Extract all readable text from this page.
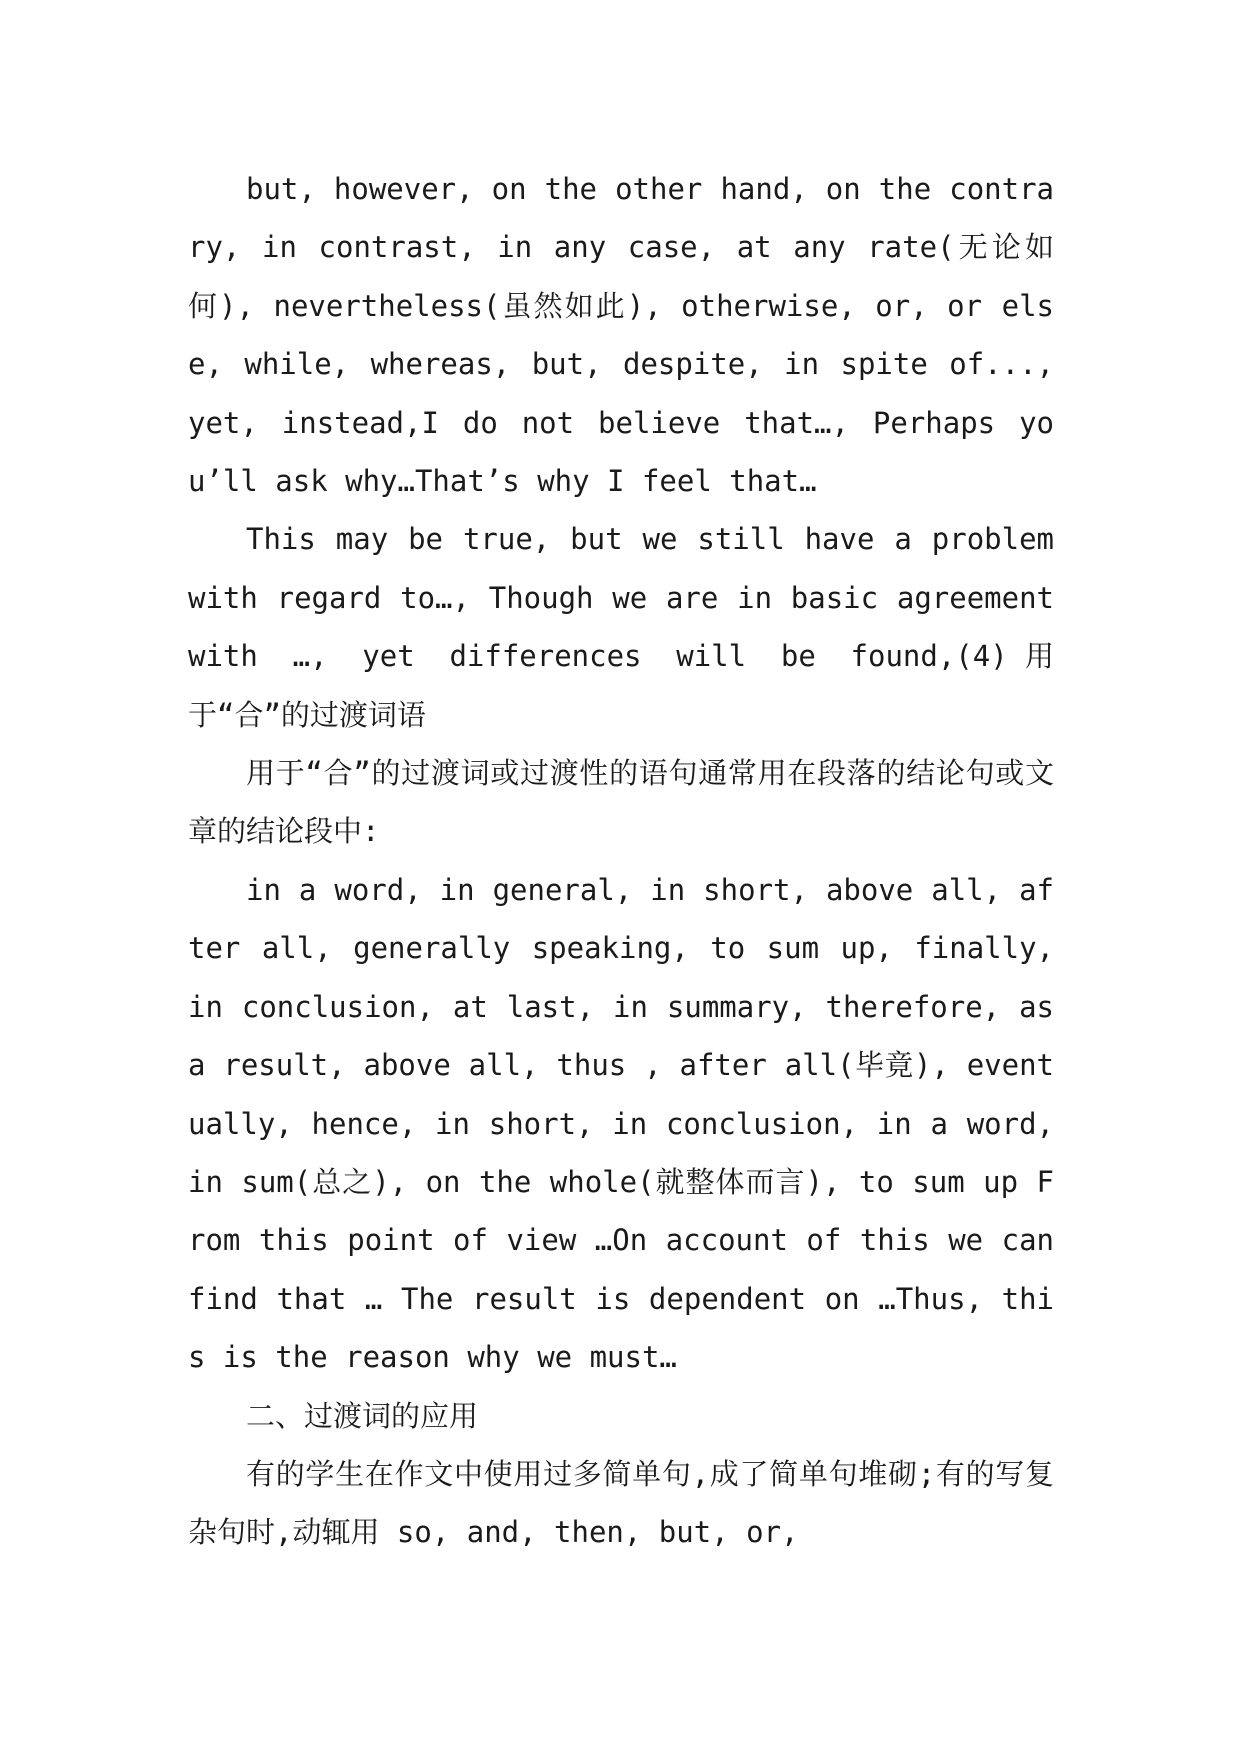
but, however, on the other hand, on the contrary, in contrast, in any case, at any rate(无论如何), nevertheless(虽然如此), otherwise, or, or else, while, whereas, but, despite, in spite of..., yet, instead,I do not believe that…, Perhaps you’ll ask why…That’s why I feel that…

This may be true, but we still have a problem with regard to…, Though we are in basic agreement with …, yet differences will be found,(4)用于“合”的过渡词语

用于“合”的过渡词或过渡性的语句通常用在段落的结论句或文章的结论段中:

in a word, in general, in short, above all, after all, generally speaking, to sum up, finally, in conclusion, at last, in summary, therefore, as a result, above all, thus , after all(毕竟), eventually, hence, in short, in conclusion, in a word, in sum(总之), on the whole(就整体而言), to sum up From this point of view …On account of this we can find that … The result is dependent on …Thus, this is the reason why we must…

二、过渡词的应用

有的学生在作文中使用过多简单句,成了简单句堆砌;有的写复杂句时,动辄用 so, and, then, but, or,
